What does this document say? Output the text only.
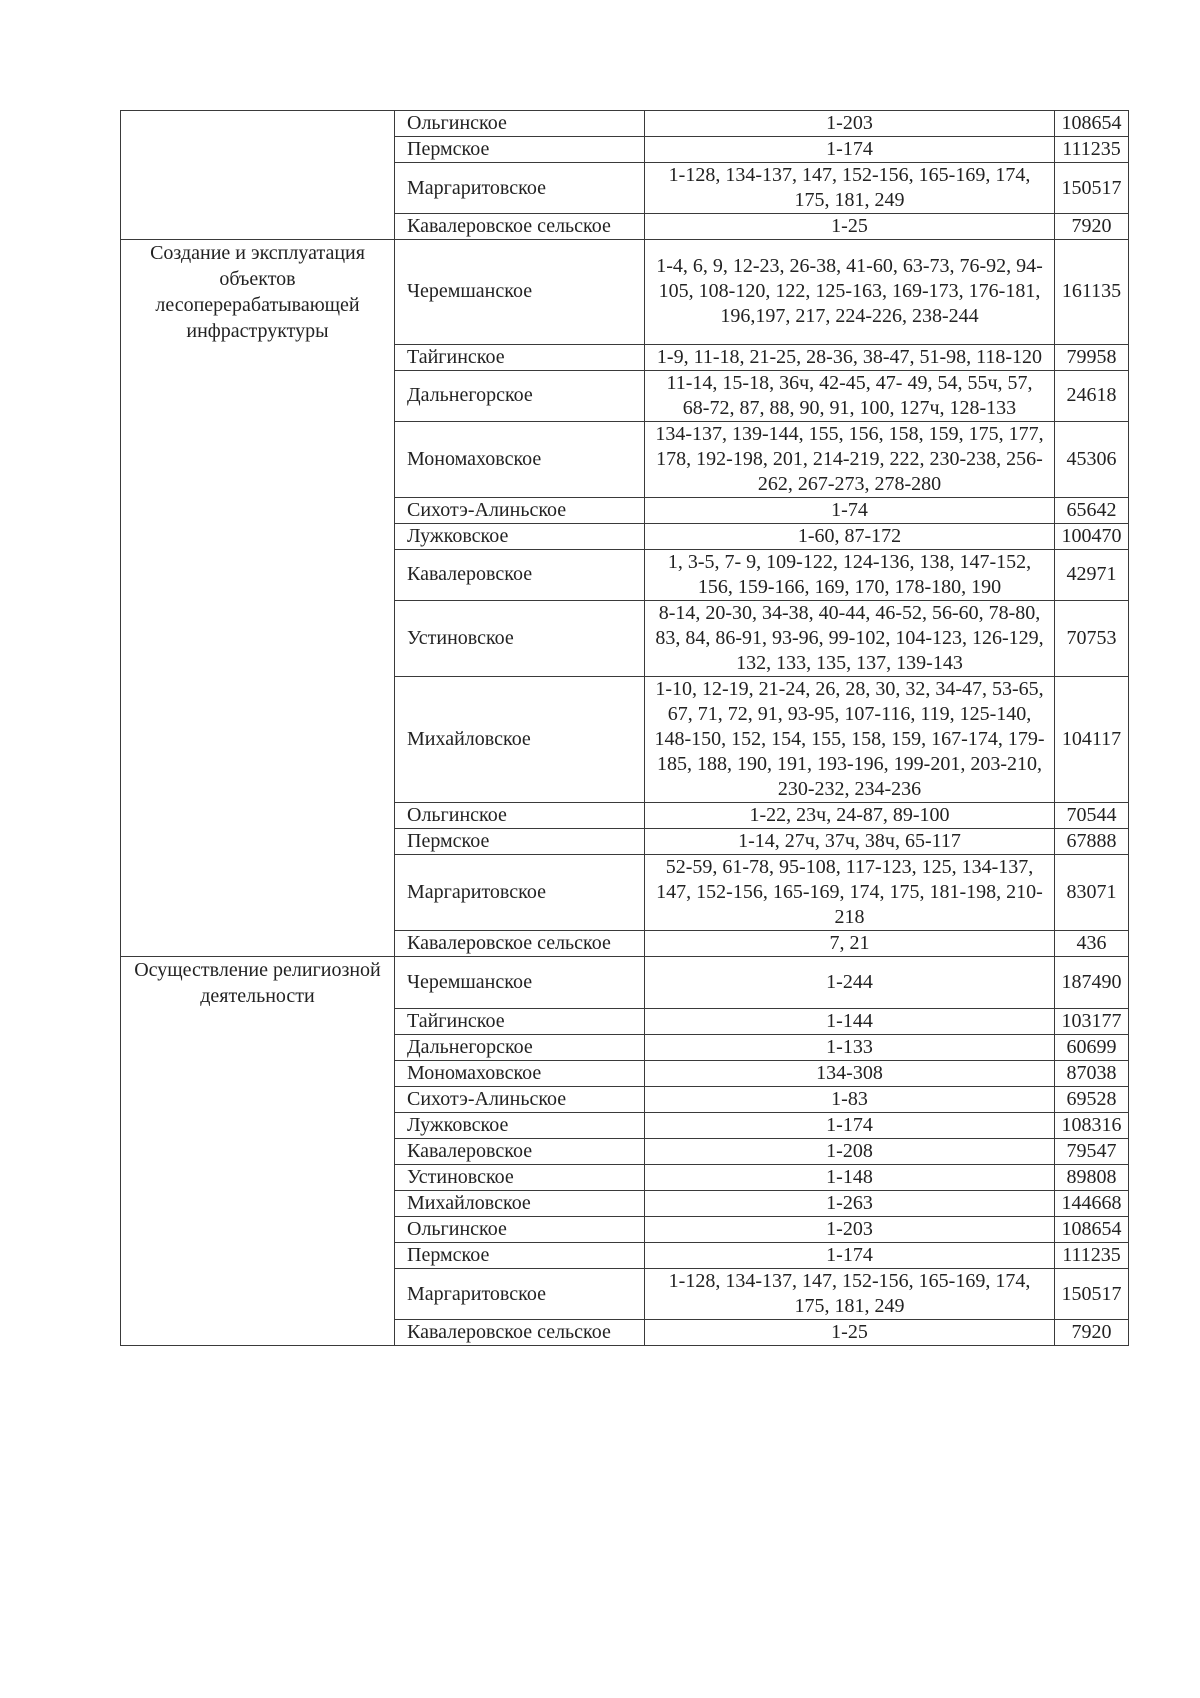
	Ольгинское	1-203	108654
	Пермское	1-174	111235
	Маргаритовское	1-128, 134-137, 147, 152-156, 165-169, 174, 175, 181, 249	150517
	Кавалеровское сельское	1-25	7920
Создание и эксплуатация объектов лесоперерабатывающей инфраструктуры	Черемшанское	1-4, 6, 9, 12-23, 26-38, 41-60, 63-73, 76-92, 94-105, 108-120, 122, 125-163, 169-173, 176-181, 196,197, 217, 224-226, 238-244	161135
	Тайгинское	1-9, 11-18, 21-25, 28-36, 38-47, 51-98, 118-120	79958
	Дальнегорское	11-14, 15-18, 36ч, 42-45, 47- 49, 54, 55ч, 57, 68-72, 87, 88, 90, 91, 100, 127ч, 128-133	24618
	Мономаховское	134-137, 139-144, 155, 156, 158, 159, 175, 177, 178, 192-198, 201, 214-219, 222, 230-238, 256-262, 267-273, 278-280	45306
	Сихотэ-Алиньское	1-74	65642
	Лужковское	1-60, 87-172	100470
	Кавалеровское	1, 3-5, 7- 9, 109-122, 124-136, 138, 147-152, 156, 159-166, 169, 170, 178-180, 190	42971
	Устиновское	8-14, 20-30, 34-38, 40-44, 46-52, 56-60, 78-80, 83, 84, 86-91, 93-96, 99-102, 104-123, 126-129, 132, 133, 135, 137, 139-143	70753
	Михайловское	1-10, 12-19, 21-24, 26, 28, 30, 32, 34-47, 53-65, 67, 71, 72, 91, 93-95, 107-116, 119, 125-140, 148-150, 152, 154, 155, 158, 159, 167-174, 179-185, 188, 190, 191, 193-196, 199-201, 203-210, 230-232, 234-236	104117
	Ольгинское	1-22, 23ч, 24-87, 89-100	70544
	Пермское	1-14, 27ч, 37ч, 38ч, 65-117	67888
	Маргаритовское	52-59, 61-78, 95-108, 117-123, 125, 134-137, 147, 152-156, 165-169, 174, 175, 181-198, 210-218	83071
	Кавалеровское сельское	7, 21	436
Осуществление религиозной деятельности	Черемшанское	1-244	187490
	Тайгинское	1-144	103177
	Дальнегорское	1-133	60699
	Мономаховское	134-308	87038
	Сихотэ-Алиньское	1-83	69528
	Лужковское	1-174	108316
	Кавалеровское	1-208	79547
	Устиновское	1-148	89808
	Михайловское	1-263	144668
	Ольгинское	1-203	108654
	Пермское	1-174	111235
	Маргаритовское	1-128, 134-137, 147, 152-156, 165-169, 174, 175, 181, 249	150517
	Кавалеровское сельское	1-25	7920
